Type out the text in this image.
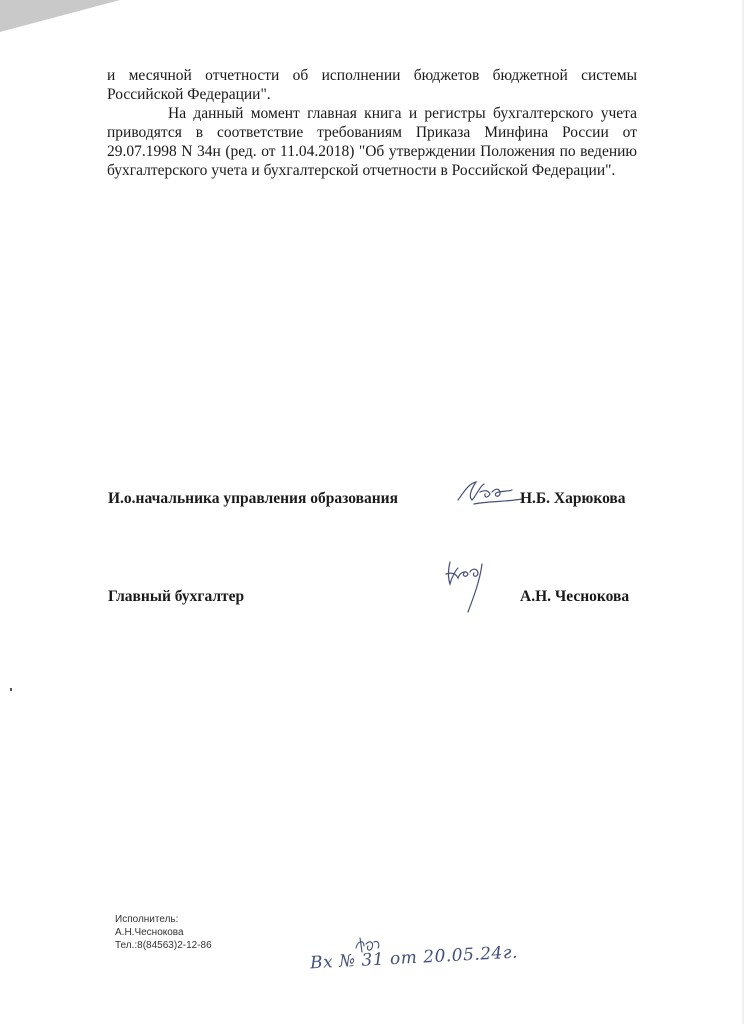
и месячной отчетности об исполнении бюджетов бюджетной системы Российской Федерации".

На данный момент главная книга и регистры бухгалтерского учета приводятся в соответствие требованиям Приказа Минфина России от 29.07.1998 N 34н (ред. от 11.04.2018) "Об утверждении Положения по ведению бухгалтерского учета и бухгалтерской отчетности в Российской Федерации".

И.о.начальника управления образования	Н.Б. Харюкова
Главный бухгалтер	А.Н. Чеснокова
Исполнитель:
А.Н.Чеснокова
Тел.:8(84563)2-12-86	Вх № 31 от 20.05.24г.
